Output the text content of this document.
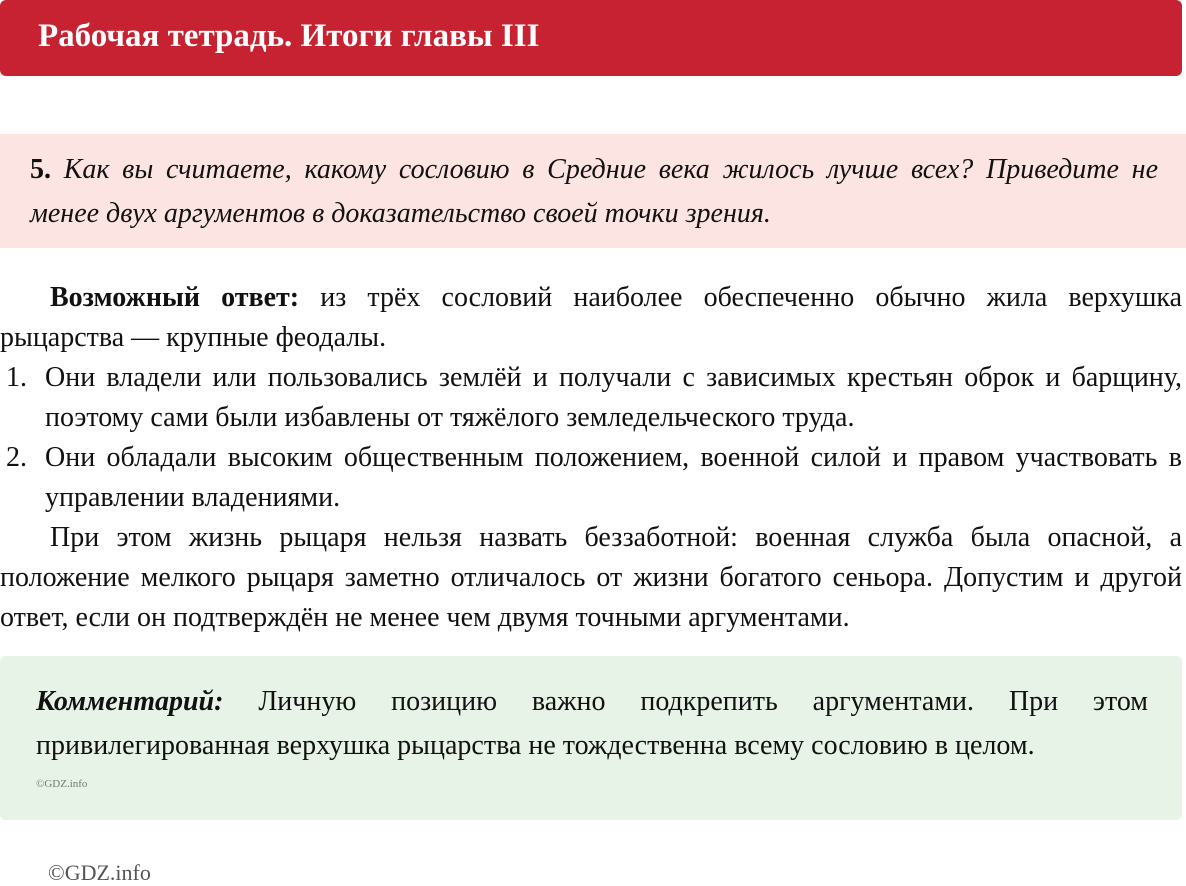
Рабочая тетрадь. Итоги главы III
5. Как вы считаете, какому сословию в Средние века жилось лучше всех? Приведите не менее двух аргументов в доказательство своей точки зрения.

Возможный ответ: из трёх сословий наиболее обеспеченно обычно жила верхушка рыцарства — крупные феодалы.

1. Они владели или пользовались землёй и получали с зависимых крестьян оброк и барщину, поэтому сами были избавлены от тяжёлого земледельческого труда.
2. Они обладали высоким общественным положением, военной силой и правом участвовать в управлении владениями.

При этом жизнь рыцаря нельзя назвать беззаботной: военная служба была опасной, а положение мелкого рыцаря заметно отличалось от жизни богатого сеньора. Допустим и другой ответ, если он подтверждён не менее чем двумя точными аргументами.

Комментарий: Личную позицию важно подкрепить аргументами. При этом привилегированная верхушка рыцарства не тождественна всему сословию в целом.
©GDZ.info
©GDZ.info
